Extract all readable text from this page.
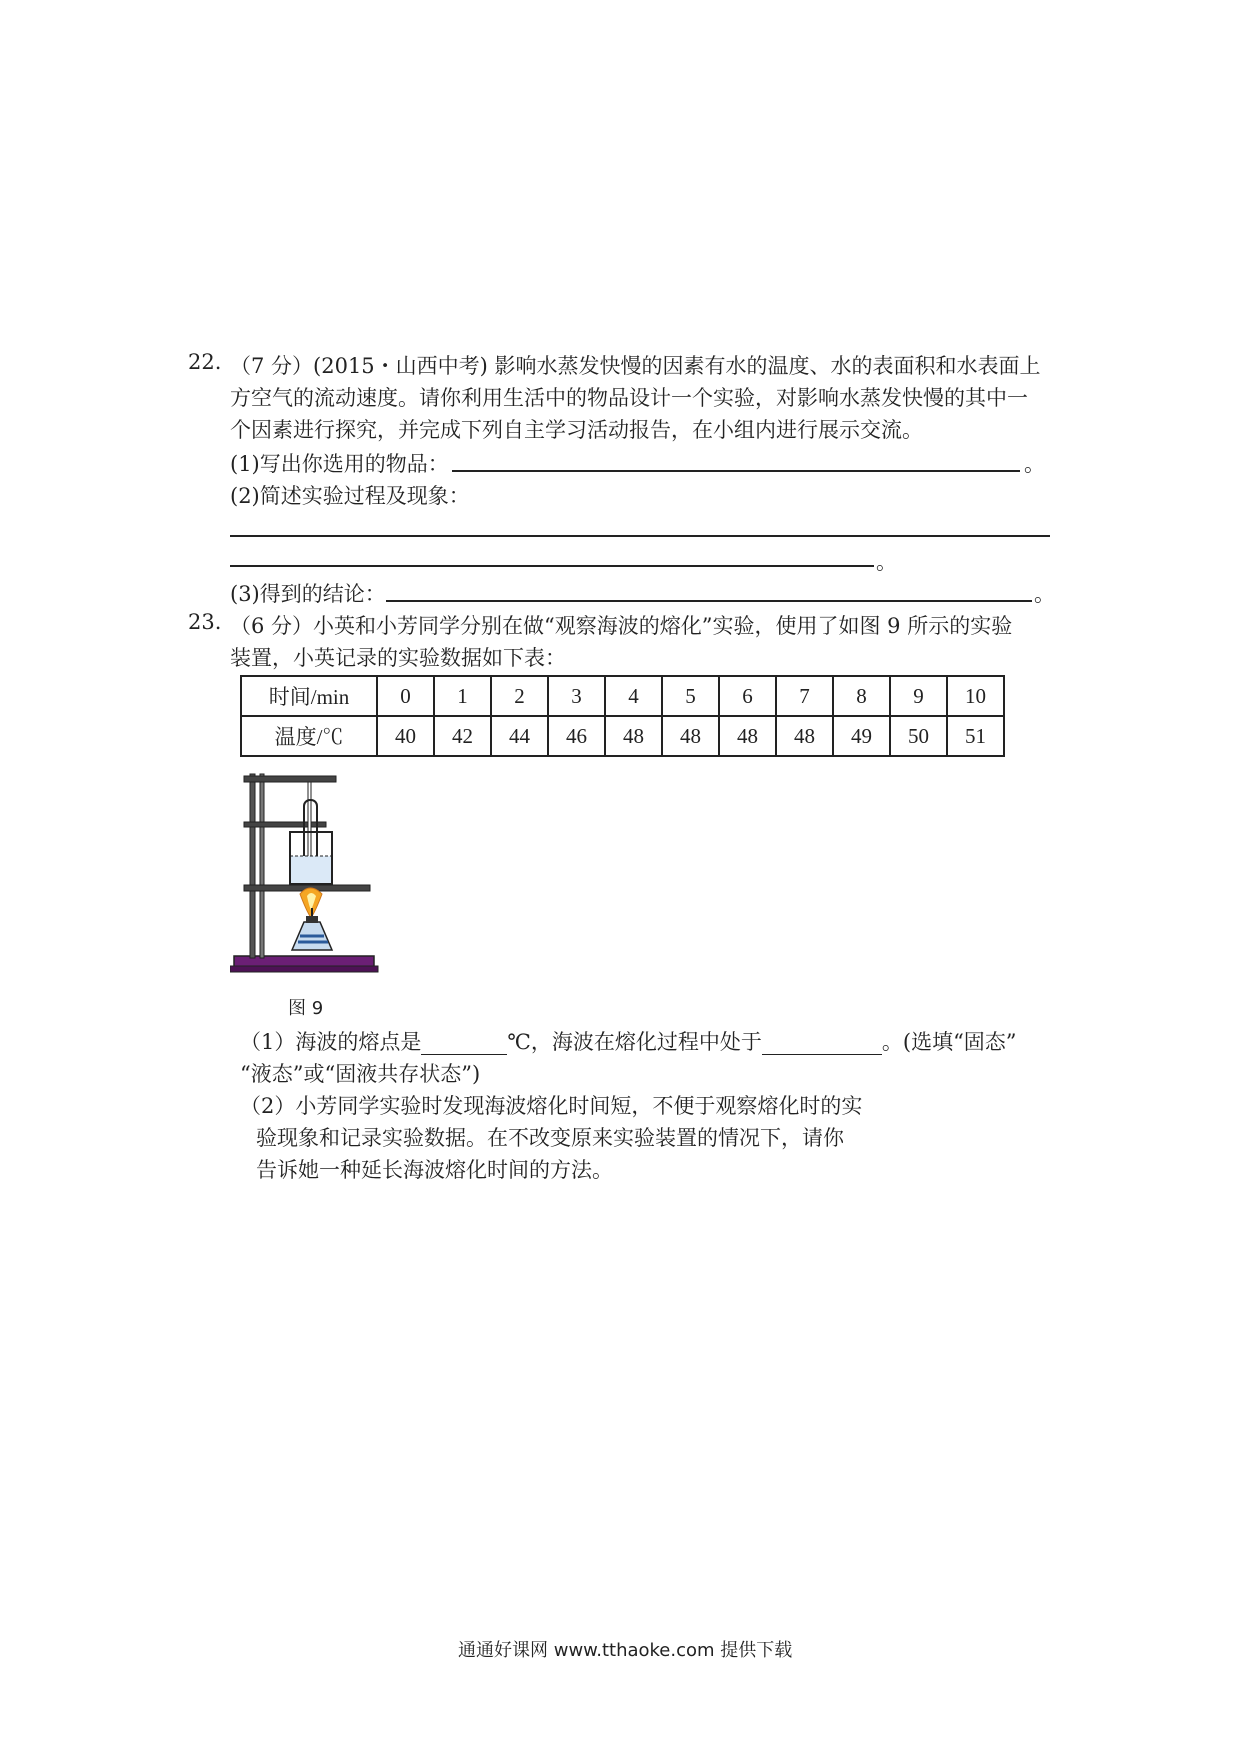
22. （7 分）(2015・山西中考) 影响水蒸发快慢的因素有水的温度、水的表面积和水表面上
方空气的流动速度。请你利用生活中的物品设计一个实验，对影响水蒸发快慢的其中一
个因素进行探究，并完成下列自主学习活动报告，在小组内进行展示交流。
(1)写出你选用的物品：	。
(2)简述实验过程及现象：
。
(3)得到的结论：	。
23. （6 分）小英和小芳同学分别在做“观察海波的熔化”实验，使用了如图 9 所示的实验
装置，小英记录的实验数据如下表：
时间/min	0	1	2	3	4	5	6	7	8	9	10
温度/℃	40	42	44	46	48	48	48	48	49	50	51
图 9
（1）海波的熔点是	℃，海波在熔化过程中处于	。(选填“固态”
“液态”或“固液共存状态”)
（2）小芳同学实验时发现海波熔化时间短，不便于观察熔化时的实
验现象和记录实验数据。在不改变原来实验装置的情况下，请你
告诉她一种延长海波熔化时间的方法。
通通好课网 www.tthaoke.com 提供下载
